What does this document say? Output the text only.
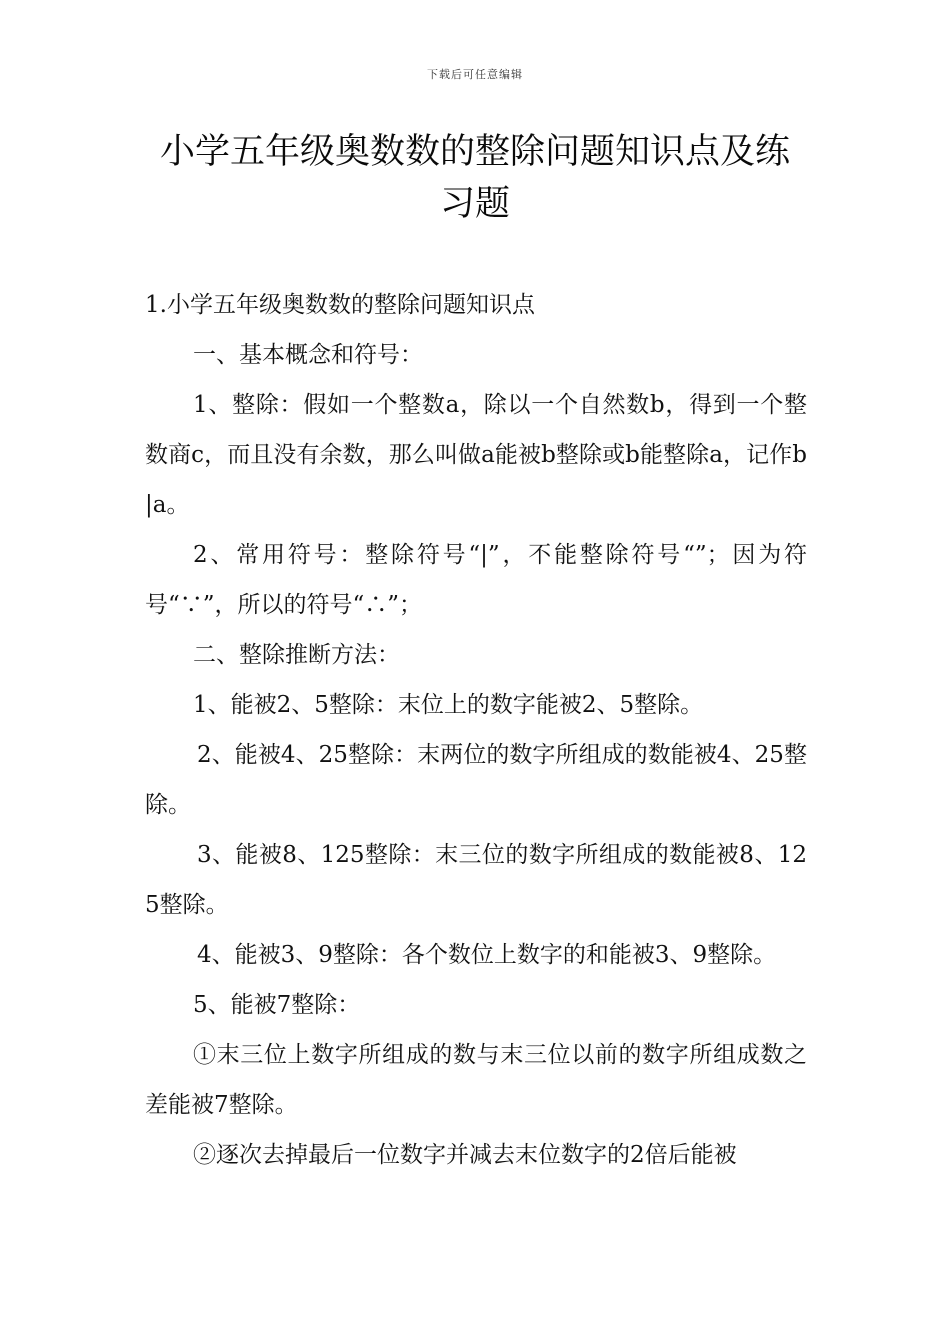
下载后可任意编辑
小学五年级奥数数的整除问题知识点及练习题

1.小学五年级奥数数的整除问题知识点

一、基本概念和符号：

1、整除：假如一个整数a，除以一个自然数b，得到一个整数商c，而且没有余数，那么叫做a能被b整除或b能整除a，记作b|a。

2、常用符号：整除符号“|”，不能整除符号“”；因为符号“∵”，所以的符号“∴”；

二、整除推断方法：

1、能被2、5整除：末位上的数字能被2、5整除。

2、能被4、25整除：末两位的数字所组成的数能被4、25整除。

3、能被8、125整除：末三位的数字所组成的数能被8、125整除。

4、能被3、9整除：各个数位上数字的和能被3、9整除。

5、能被7整除：

①末三位上数字所组成的数与末三位以前的数字所组成数之差能被7整除。

②逐次去掉最后一位数字并减去末位数字的2倍后能被
